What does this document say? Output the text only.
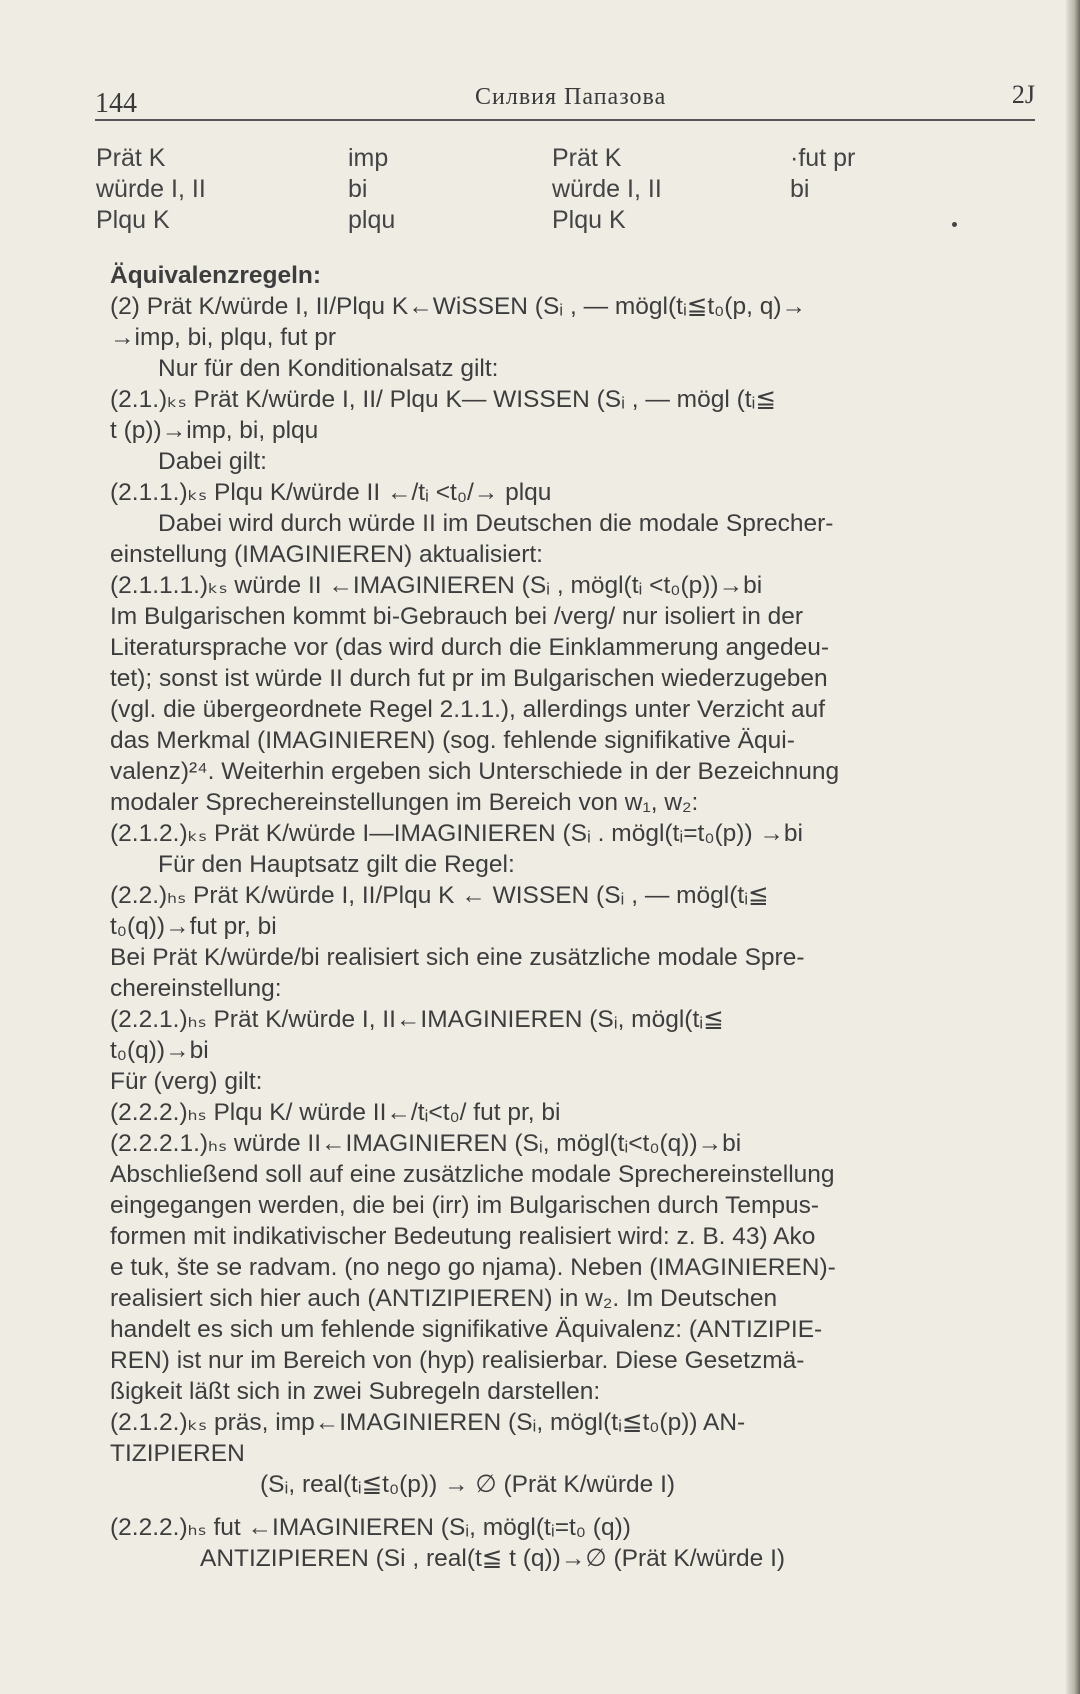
144	Силвия Папазова	2J
Prät K	imp	Prät K	·fut pr
würde I, II	bi	würde I, II	bi
Plqu K	plqu	Plqu K
Äquivalenzregeln:
(2) Prät K/würde I, II/Plqu K←WiSSEN (Sᵢ , — mögl(tᵢ≦t₀(p, q)→
→imp, bi, plqu, fut pr
Nur für den Konditionalsatz gilt:
(2.1.)ₖₛ Prät K/würde I, II/ Plqu K— WISSEN (Sᵢ , — mögl (tᵢ≦
t (p))→imp, bi, plqu
Dabei gilt:
(2.1.1.)ₖₛ Plqu K/würde II ←/tᵢ <t₀/→ plqu
Dabei wird durch würde II im Deutschen die modale Sprecher-
einstellung (IMAGINIEREN) aktualisiert:
(2.1.1.1.)ₖₛ würde II ←IMAGINIEREN (Sᵢ , mögl(tᵢ <t₀(p))→bi
Im Bulgarischen kommt bi-Gebrauch bei /verg/ nur isoliert in der
Literatursprache vor (das wird durch die Einklammerung angedeu-
tet); sonst ist würde II durch fut pr im Bulgarischen wiederzugeben
(vgl. die übergeordnete Regel 2.1.1.), allerdings unter Verzicht auf
das Merkmal (IMAGINIEREN) (sog. fehlende signifikative Äqui-
valenz)²⁴. Weiterhin ergeben sich Unterschiede in der Bezeichnung
modaler Sprechereinstellungen im Bereich von w₁, w₂:
(2.1.2.)ₖₛ Prät K/würde I—IMAGINIEREN (Sᵢ . mögl(tᵢ=t₀(p)) →bi
Für den Hauptsatz gilt die Regel:
(2.2.)ₕₛ Prät K/würde I, II/Plqu K ← WISSEN (Sᵢ , — mögl(tᵢ≦
t₀(q))→fut pr, bi
Bei Prät K/würde/bi realisiert sich eine zusätzliche modale Spre-
chereinstellung:
(2.2.1.)ₕₛ Prät K/würde I, II←IMAGINIEREN (Sᵢ, mögl(tᵢ≦
t₀(q))→bi
Für (verg) gilt:
(2.2.2.)ₕₛ Plqu K/ würde II←/tᵢ<t₀/ fut pr, bi
(2.2.2.1.)ₕₛ würde II←IMAGINIEREN (Sᵢ, mögl(tᵢ<t₀(q))→bi
Abschließend soll auf eine zusätzliche modale Sprechereinstellung
eingegangen werden, die bei (irr) im Bulgarischen durch Tempus-
formen mit indikativischer Bedeutung realisiert wird: z. B. 43) Ako
e tuk, šte se radvam. (no nego go njama). Neben (IMAGINIEREN)-
realisiert sich hier auch (ANTIZIPIEREN) in w₂. Im Deutschen
handelt es sich um fehlende signifikative Äquivalenz: (ANTIZIPIE-
REN) ist nur im Bereich von (hyp) realisierbar. Diese Gesetzmä-
ßigkeit läßt sich in zwei Subregeln darstellen:
(2.1.2.)ₖₛ präs, imp←IMAGINIEREN (Sᵢ, mögl(tᵢ≦t₀(p)) AN-
TIZIPIEREN
(Sᵢ, real(tᵢ≦t₀(p)) → ∅ (Prät K/würde I)
(2.2.2.)ₕₛ fut ←IMAGINIEREN (Sᵢ, mögl(tᵢ=t₀ (q))
ANTIZIPIEREN (Si , real(t≦ t (q))→∅ (Prät K/würde I)
